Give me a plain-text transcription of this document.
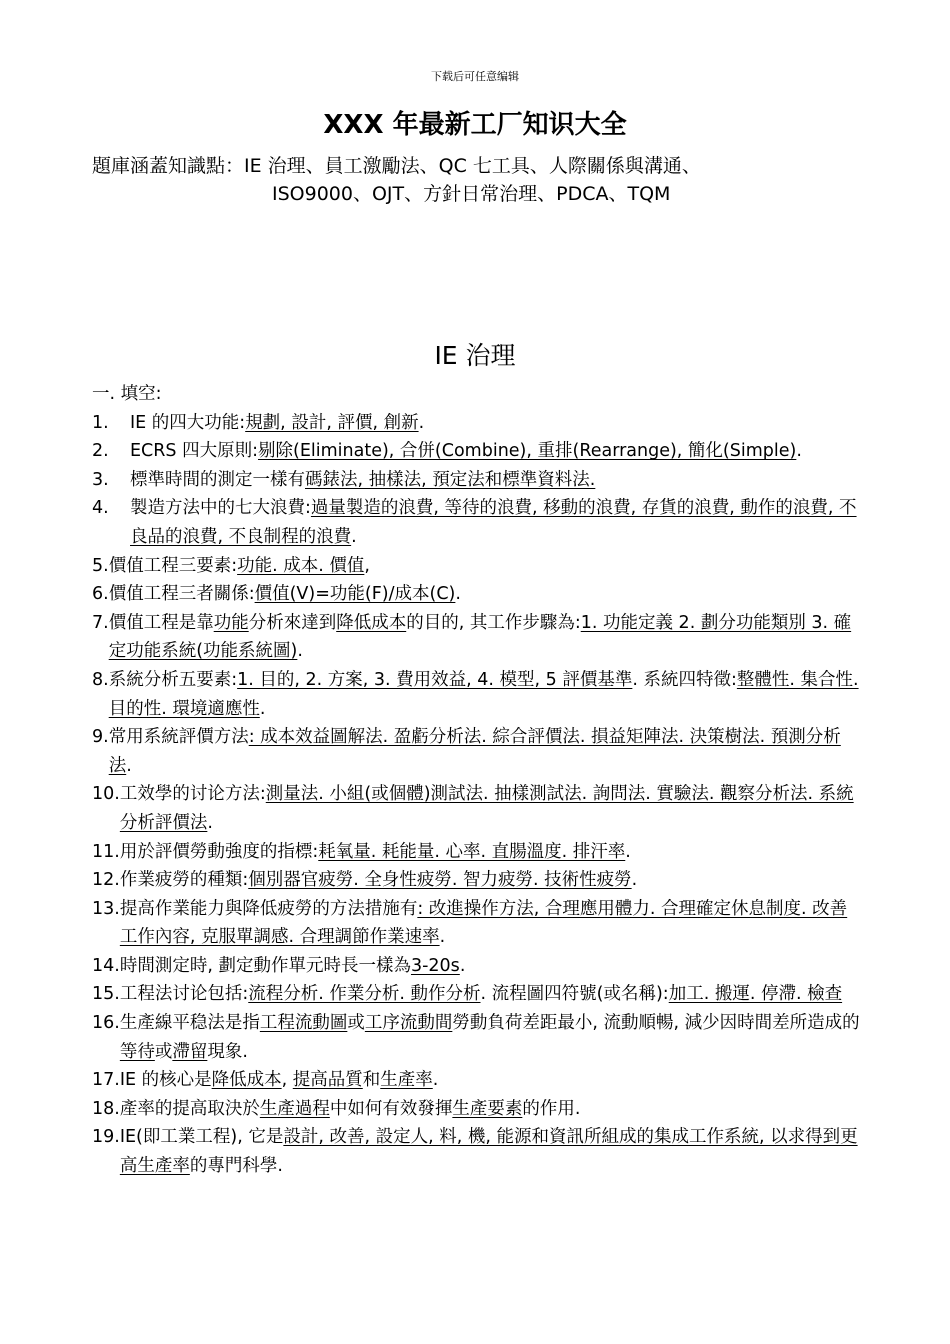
下载后可任意编辑
XXX 年最新工厂知识大全
題庫涵蓋知識點：IE 治理、員工激勵法、QC 七工具、人際關係與溝通、
ISO9000、OJT、方針日常治理、PDCA、TQM
IE 治理
一. 填空:
1.	IE 的四大功能:規劃, 設計, 評價, 創新.
2.	ECRS 四大原則:剔除(Eliminate), 合併(Combine), 重排(Rearrange), 簡化(Simple).
3.	標準時間的測定一樣有碼錶法, 抽樣法, 預定法和標準資料法.
4.	製造方法中的七大浪費:過量製造的浪費, 等待的浪費, 移動的浪費, 存貨的浪費, 動作的浪費, 不良品的浪費, 不良制程的浪費.
5. 價值工程三要素:功能. 成本. 價值,
6. 價值工程三者關係:價值(V)=功能(F)/成本(C).
7. 價值工程是靠功能分析來達到降低成本的目的, 其工作步驟為:1. 功能定義 2. 劃分功能類別 3. 確定功能系統(功能系統圖).
8. 系統分析五要素:1. 目的, 2. 方案, 3. 費用效益, 4. 模型, 5 評價基準. 系統四特徵:整體性. 集合性. 目的性. 環境適應性.
9. 常用系統評價方法: 成本效益圖解法. 盈虧分析法. 綜合評價法. 損益矩陣法. 決策樹法. 預測分析法.
10. 工效學的讨论方法:測量法. 小組(或個體)測試法. 抽樣測試法. 詢問法. 實驗法. 觀察分析法. 系統分析評價法.
11. 用於評價勞動強度的指標:耗氧量. 耗能量. 心率. 直腸溫度. 排汗率.
12. 作業疲勞的種類:個別器官疲勞. 全身性疲勞. 智力疲勞. 技術性疲勞.
13. 提高作業能力與降低疲勞的方法措施有: 改進操作方法, 合理應用體力. 合理確定休息制度. 改善工作內容, 克服單調感. 合理調節作業速率.
14. 時間測定時, 劃定動作單元時長一樣為3-20s.
15. 工程法讨论包括:流程分析. 作業分析. 動作分析. 流程圖四符號(或名稱):加工. 搬運. 停滯. 檢查
16. 生產線平稳法是指工程流動圖或工序流動間勞動負荷差距最小, 流動順暢, 減少因時間差所造成的等待或滯留現象.
17. IE 的核心是降低成本, 提高品質和生產率.
18. 產率的提高取決於生產過程中如何有效發揮生產要素的作用.
19. IE(即工業工程), 它是設計, 改善, 設定人, 料, 機, 能源和資訊所組成的集成工作系統, 以求得到更高生產率的專門科學.
